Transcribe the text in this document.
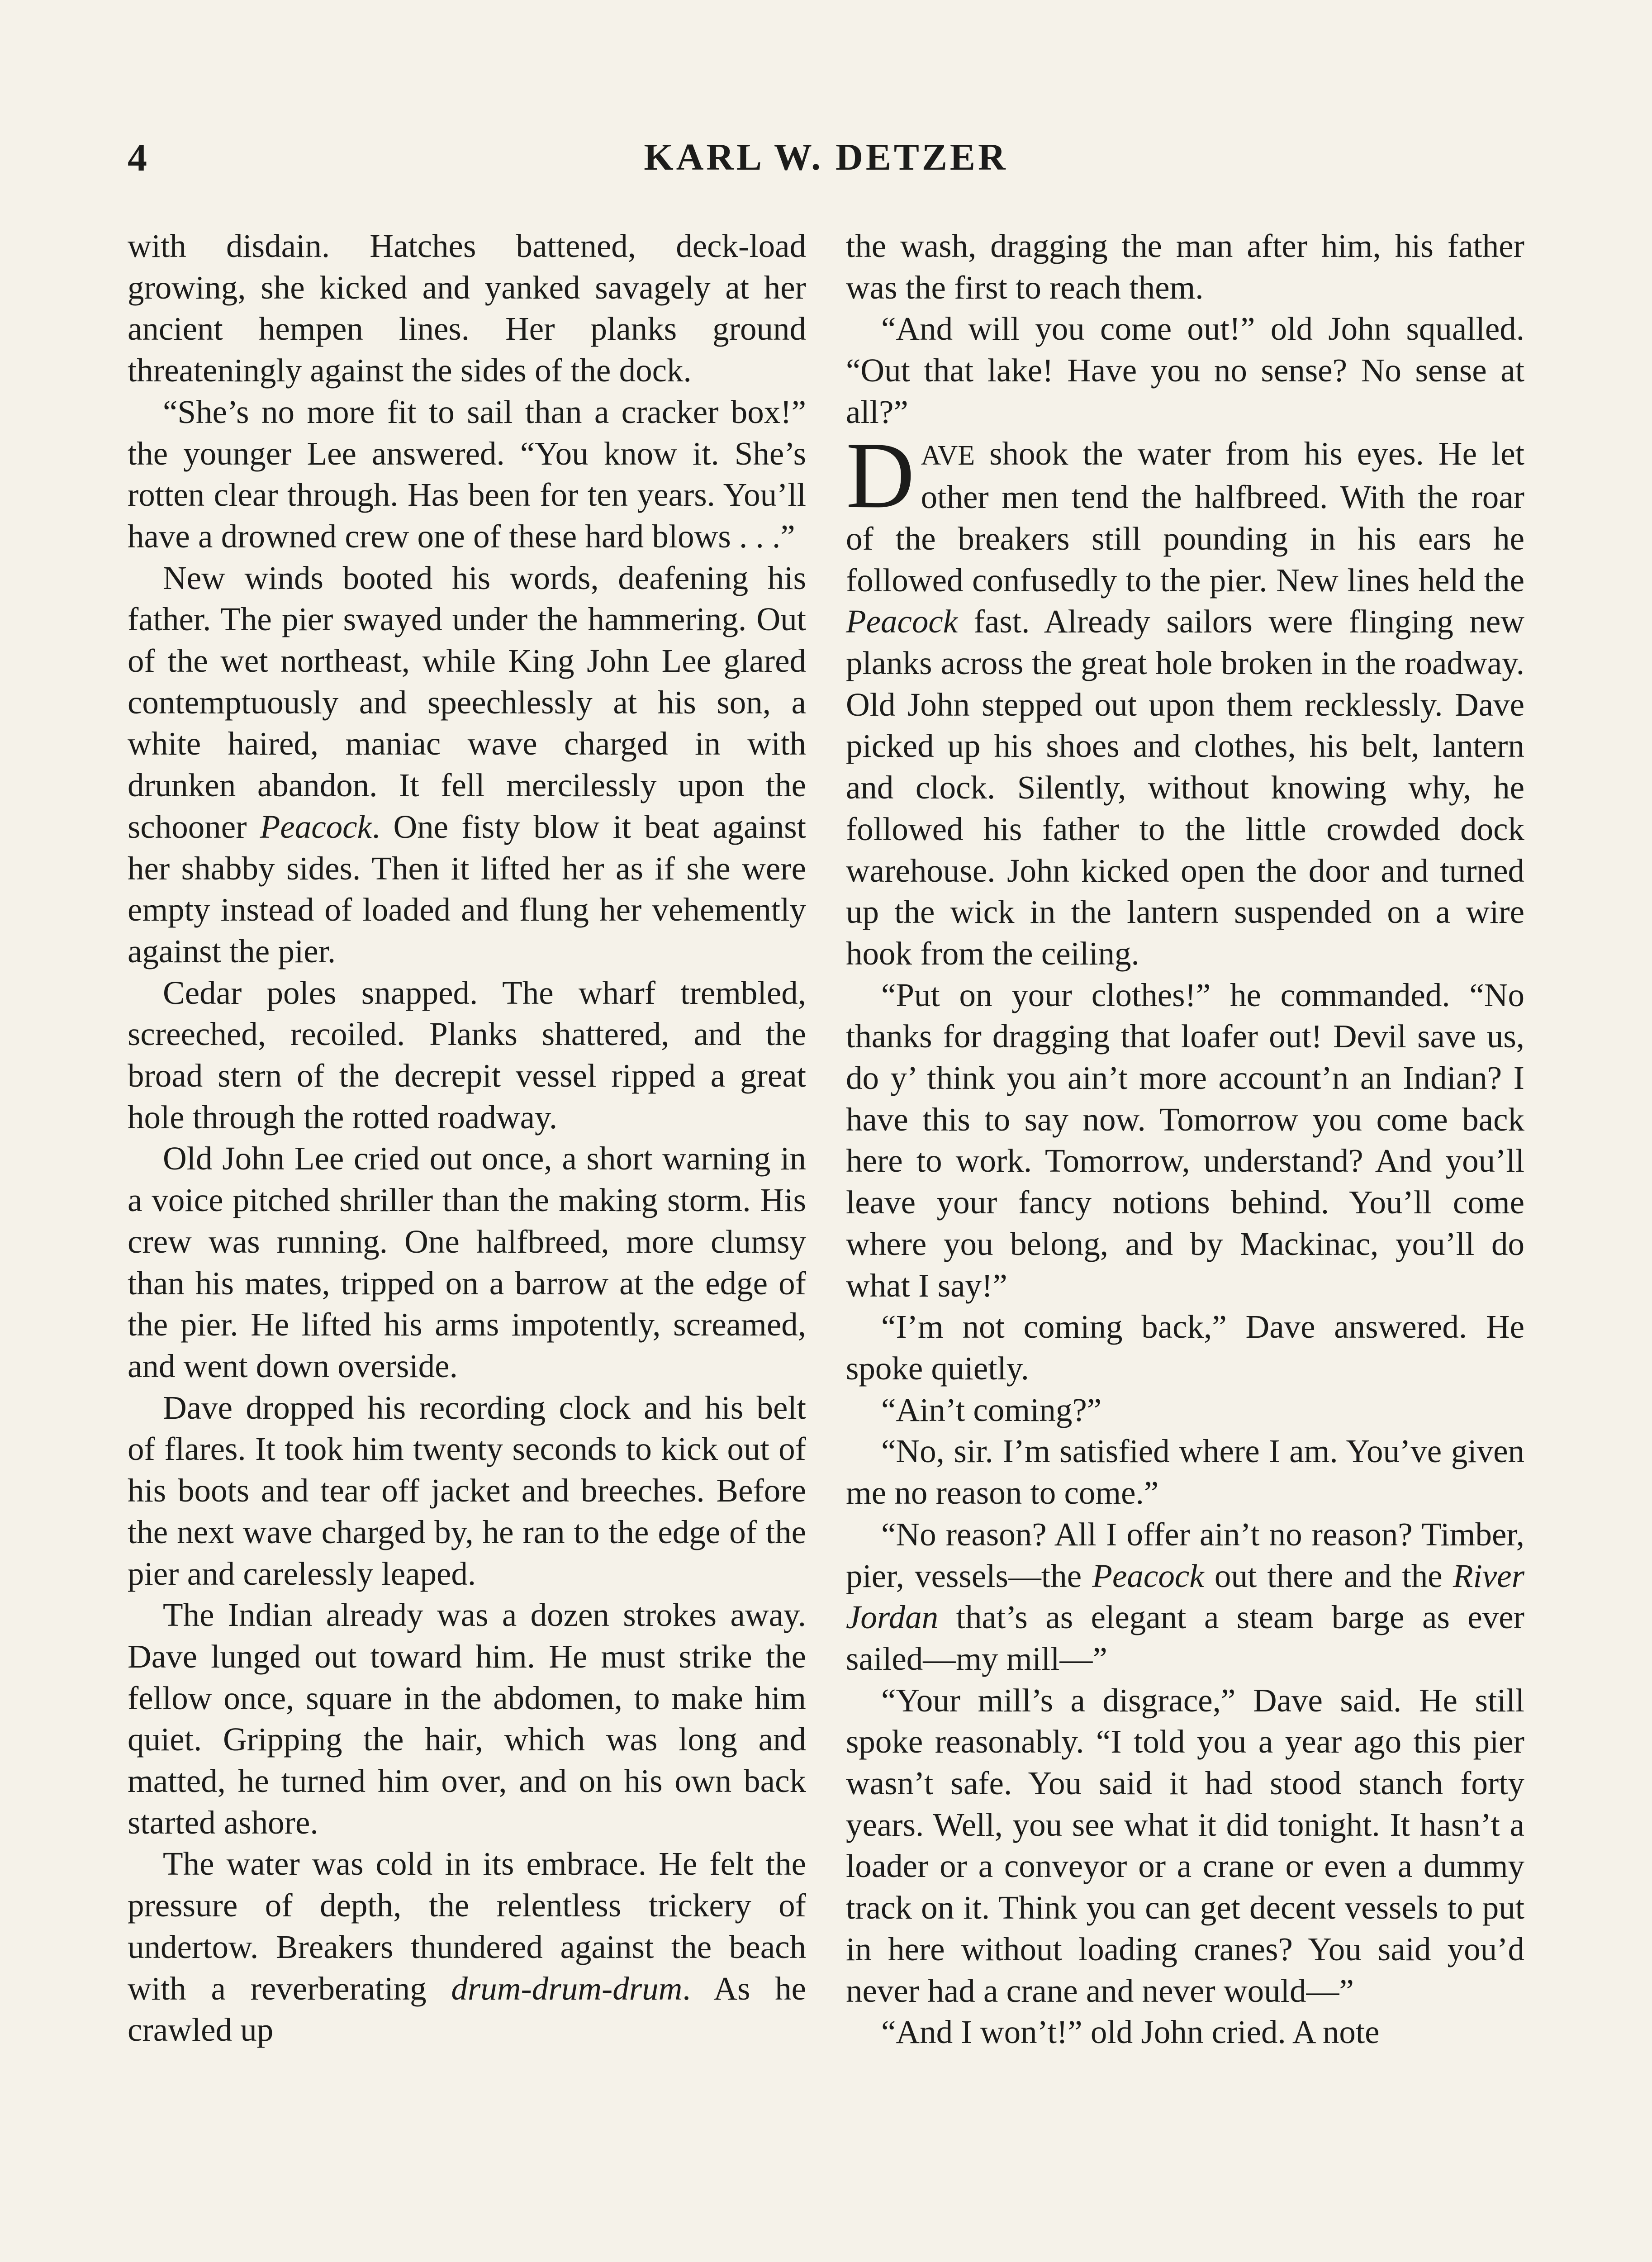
4	KARL W. DETZER

with disdain. Hatches battened, deck-load growing, she kicked and yanked savagely at her ancient hempen lines. Her planks ground threateningly against the sides of the dock.

“She’s no more fit to sail than a cracker box!” the younger Lee answered. “You know it. She’s rotten clear through. Has been for ten years. You’ll have a drowned crew one of these hard blows . . .”

New winds booted his words, deafening his father. The pier swayed under the hammering. Out of the wet northeast, while King John Lee glared contemptuously and speechlessly at his son, a white haired, maniac wave charged in with drunken abandon. It fell mercilessly upon the schooner Peacock. One fisty blow it beat against her shabby sides. Then it lifted her as if she were empty instead of loaded and flung her vehemently against the pier.

Cedar poles snapped. The wharf trembled, screeched, recoiled. Planks shattered, and the broad stern of the decrepit vessel ripped a great hole through the rotted roadway.

Old John Lee cried out once, a short warning in a voice pitched shriller than the making storm. His crew was running. One halfbreed, more clumsy than his mates, tripped on a barrow at the edge of the pier. He lifted his arms impotently, screamed, and went down overside.

Dave dropped his recording clock and his belt of flares. It took him twenty seconds to kick out of his boots and tear off jacket and breeches. Before the next wave charged by, he ran to the edge of the pier and carelessly leaped.

The Indian already was a dozen strokes away. Dave lunged out toward him. He must strike the fellow once, square in the abdomen, to make him quiet. Gripping the hair, which was long and matted, he turned him over, and on his own back started ashore.

The water was cold in its embrace. He felt the pressure of depth, the relentless trickery of undertow. Breakers thundered against the beach with a reverberating drum-drum-drum. As he crawled up

the wash, dragging the man after him, his father was the first to reach them.

“And will you come out!” old John squalled. “Out that lake! Have you no sense? No sense at all?”

DAVE shook the water from his eyes. He let other men tend the halfbreed. With the roar of the breakers still pounding in his ears he followed confusedly to the pier. New lines held the Peacock fast. Already sailors were flinging new planks across the great hole broken in the roadway. Old John stepped out upon them recklessly. Dave picked up his shoes and clothes, his belt, lantern and clock. Silently, without knowing why, he followed his father to the little crowded dock warehouse. John kicked open the door and turned up the wick in the lantern suspended on a wire hook from the ceiling.

“Put on your clothes!” he commanded. “No thanks for dragging that loafer out! Devil save us, do y’ think you ain’t more account’n an Indian? I have this to say now. Tomorrow you come back here to work. Tomorrow, understand? And you’ll leave your fancy notions behind. You’ll come where you belong, and by Mackinac, you’ll do what I say!”

“I’m not coming back,” Dave answered. He spoke quietly.

“Ain’t coming?”

“No, sir. I’m satisfied where I am. You’ve given me no reason to come.”

“No reason? All I offer ain’t no reason? Timber, pier, vessels—the Peacock out there and the River Jordan that’s as elegant a steam barge as ever sailed—my mill—”

“Your mill’s a disgrace,” Dave said. He still spoke reasonably. “I told you a year ago this pier wasn’t safe. You said it had stood stanch forty years. Well, you see what it did tonight. It hasn’t a loader or a conveyor or a crane or even a dummy track on it. Think you can get decent vessels to put in here without loading cranes? You said you’d never had a crane and never would—”

“And I won’t!” old John cried. A note
